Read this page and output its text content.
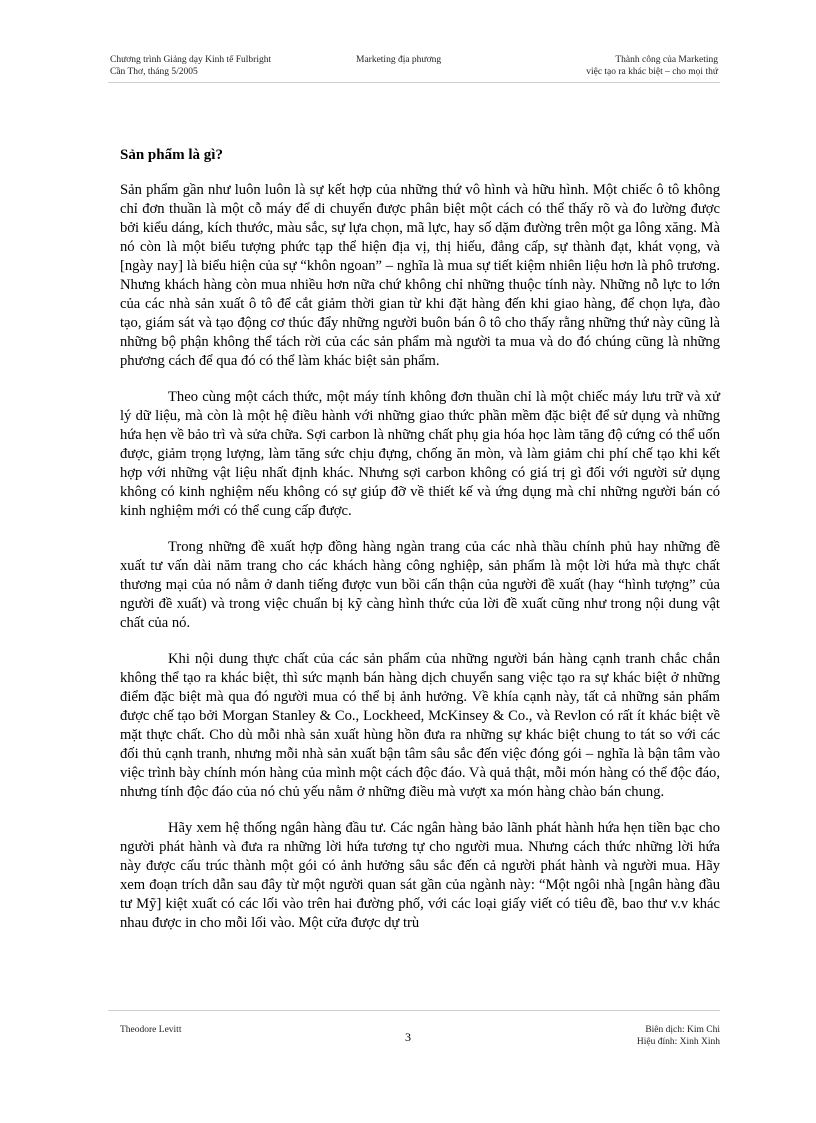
Chương trình Giảng dạy Kinh tế Fulbright
Cần Thơ, tháng 5/2005
Marketing địa phương	Thành công của Marketing
việc tạo ra khác biệt – cho mọi thứ
Sản phẩm là gì?

Sản phẩm gần như luôn luôn là sự kết hợp của những thứ vô hình và hữu hình. Một chiếc ô tô không chỉ đơn thuần là một cỗ máy để di chuyển được phân biệt một cách có thể thấy rõ và đo lường được bởi kiểu dáng, kích thước, màu sắc, sự lựa chọn, mã lực, hay số dặm đường trên một ga lông xăng. Mà nó còn là một biểu tượng phức tạp thể hiện địa vị, thị hiếu, đẳng cấp, sự thành đạt, khát vọng, và [ngày nay] là biểu hiện của sự “khôn ngoan” – nghĩa là mua sự tiết kiệm nhiên liệu hơn là phô trương. Nhưng khách hàng còn mua nhiều hơn nữa chứ không chỉ những thuộc tính này. Những nỗ lực to lớn của các nhà sản xuất ô tô để cắt giảm thời gian từ khi đặt hàng đến khi giao hàng, để chọn lựa, đào tạo, giám sát và tạo động cơ thúc đẩy những người buôn bán ô tô cho thấy rằng những thứ này cũng là những bộ phận không thể tách rời của các sản phẩm mà người ta mua và do đó chúng cũng là những phương cách để qua đó có thể làm khác biệt sản phẩm.

Theo cùng một cách thức, một máy tính không đơn thuần chỉ là một chiếc máy lưu trữ và xử lý dữ liệu, mà còn là một hệ điều hành với những giao thức phần mềm đặc biệt để sử dụng và những hứa hẹn về bảo trì và sửa chữa. Sợi carbon là những chất phụ gia hóa học làm tăng độ cứng có thể uốn được, giảm trọng lượng, làm tăng sức chịu đựng, chống ăn mòn, và làm giảm chi phí chế tạo khi kết hợp với những vật liệu nhất định khác. Nhưng sợi carbon không có giá trị gì đối với người sử dụng không có kinh nghiệm nếu không có sự giúp đỡ về thiết kế và ứng dụng mà chỉ những người bán có kinh nghiệm mới có thể cung cấp được.

Trong những đề xuất hợp đồng hàng ngàn trang của các nhà thầu chính phủ hay những đề xuất tư vấn dài năm trang cho các khách hàng công nghiệp, sản phẩm là một lời hứa mà thực chất thương mại của nó nằm ở danh tiếng được vun bồi cẩn thận của người đề xuất (hay “hình tượng” của người đề xuất) và trong việc chuẩn bị kỹ càng hình thức của lời đề xuất cũng như trong nội dung vật chất của nó.

Khi nội dung thực chất của các sản phẩm của những người bán hàng cạnh tranh chắc chắn không thể tạo ra khác biệt, thì sức mạnh bán hàng dịch chuyển sang việc tạo ra sự khác biệt ở những điểm đặc biệt mà qua đó người mua có thể bị ảnh hưởng. Về khía cạnh này, tất cả những sản phẩm được chế tạo bởi Morgan Stanley & Co., Lockheed, McKinsey & Co., và Revlon có rất ít khác biệt về mặt thực chất. Cho dù mỗi nhà sản xuất hùng hồn đưa ra những sự khác biệt chung to tát so với các đối thủ cạnh tranh, nhưng mỗi nhà sản xuất bận tâm sâu sắc đến việc đóng gói – nghĩa là bận tâm vào việc trình bày chính món hàng của mình một cách độc đáo. Và quả thật, mỗi món hàng có thể độc đáo, nhưng tính độc đáo của nó chủ yếu nằm ở những điều mà vượt xa món hàng chào bán chung.

Hãy xem hệ thống ngân hàng đầu tư. Các ngân hàng bảo lãnh phát hành hứa hẹn tiền bạc cho người phát hành và đưa ra những lời hứa tương tự cho người mua. Nhưng cách thức những lời hứa này được cấu trúc thành một gói có ảnh hưởng sâu sắc đến cả người phát hành và người mua. Hãy xem đoạn trích dẫn sau đây từ một người quan sát gần của ngành này: “Một ngôi nhà [ngân hàng đầu tư Mỹ] kiệt xuất có các lối vào trên hai đường phố, với các loại giấy viết có tiêu đề, bao thư v.v khác nhau được in cho mỗi lối vào. Một cửa được dự trù

Theodore Levitt	3	Biên dịch: Kim Chi
Hiệu đính: Xinh Xinh
